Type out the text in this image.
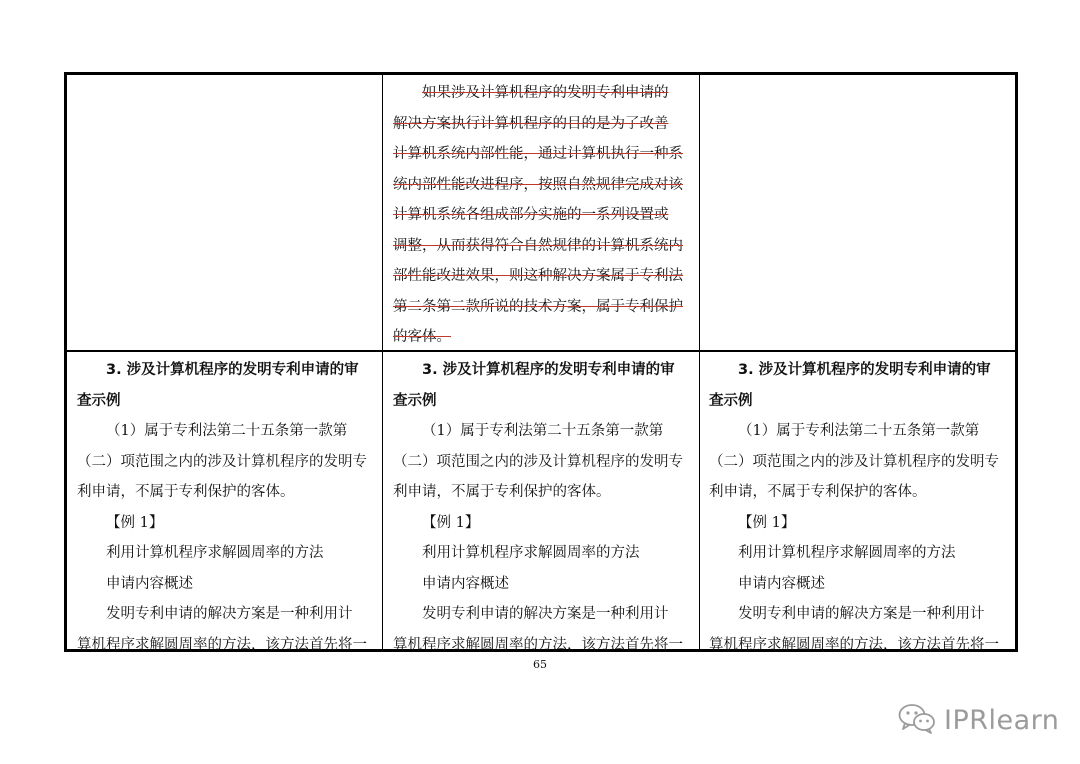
如果涉及计算机程序的发明专利申请的
解决方案执行计算机程序的目的是为了改善
计算机系统内部性能，通过计算机执行一种系
统内部性能改进程序，按照自然规律完成对该
计算机系统各组成部分实施的一系列设置或
调整，从而获得符合自然规律的计算机系统内
部性能改进效果，则这种解决方案属于专利法
第二条第二款所说的技术方案，属于专利保护
的客体。
3. 涉及计算机程序的发明专利申请的审
查示例
（1）属于专利法第二十五条第一款第
（二）项范围之内的涉及计算机程序的发明专
利申请，不属于专利保护的客体。
【例 1】
利用计算机程序求解圆周率的方法
申请内容概述
发明专利申请的解决方案是一种利用计
算机程序求解圆周率的方法，该方法首先将一
3. 涉及计算机程序的发明专利申请的审
查示例
（1）属于专利法第二十五条第一款第
（二）项范围之内的涉及计算机程序的发明专
利申请，不属于专利保护的客体。
【例 1】
利用计算机程序求解圆周率的方法
申请内容概述
发明专利申请的解决方案是一种利用计
算机程序求解圆周率的方法，该方法首先将一
3. 涉及计算机程序的发明专利申请的审
查示例
（1）属于专利法第二十五条第一款第
（二）项范围之内的涉及计算机程序的发明专
利申请，不属于专利保护的客体。
【例 1】
利用计算机程序求解圆周率的方法
申请内容概述
发明专利申请的解决方案是一种利用计
算机程序求解圆周率的方法，该方法首先将一
65
IPRlearn
